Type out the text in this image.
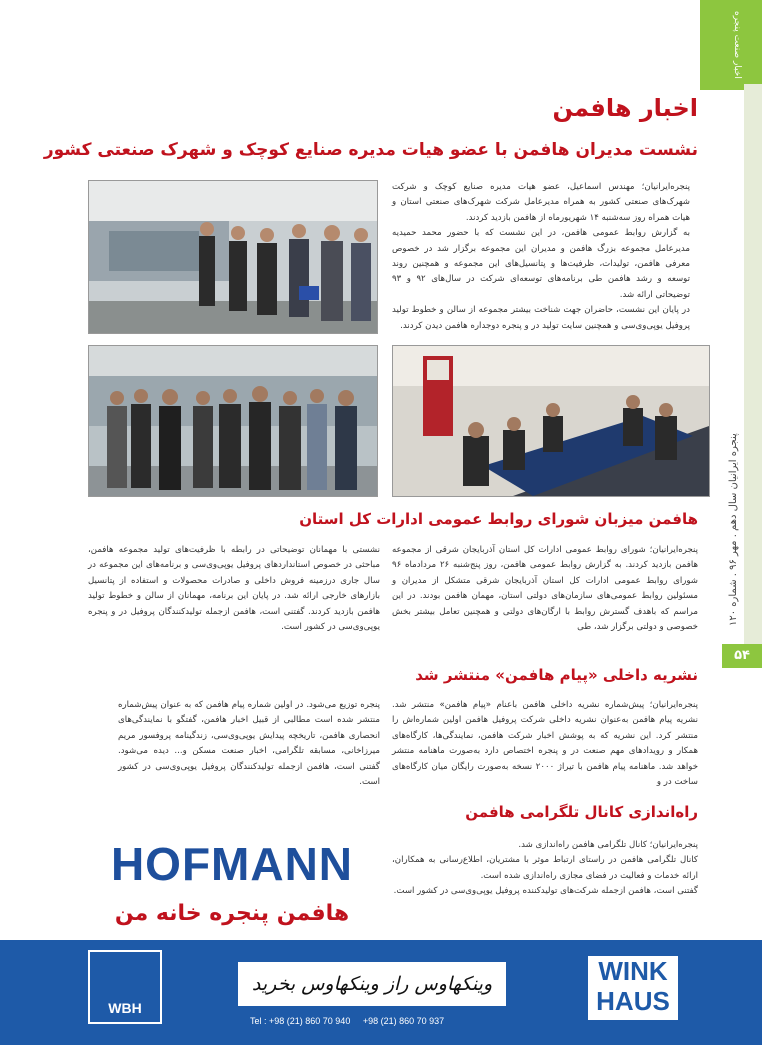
اخبار صنعت پنجره
پنجره ایرانیان سال دهم . مهر ۹۶ . شماره ۱۲۰
۵۴
اخبار هافمن
نشست مدیران هافمن با عضو هیات مدیره صنایع کوچک و شهرک صنعتی کشور
پنجره‌ایرانیان؛ مهندس اسماعیل، عضو هیات مدیره صنایع کوچک و شرکت شهرک‌های صنعتی کشور به همراه مدیرعامل شرکت شهرک‌های صنعتی استان و هیات همراه روز سه‌شنبه ۱۴ شهریورماه از هافمن بازدید کردند.
به گزارش روابط عمومی هافمن، در این نشست که با حضور محمد حمیدیه مدیرعامل مجموعه بزرگ هافمن و مدیران این مجموعه برگزار شد در خصوص معرفی هافمن، تولیدات، ظرفیت‌ها و پتانسیل‌های این مجموعه و همچنین روند توسعه و رشد هافمن طی برنامه‌های توسعه‌ای شرکت در سال‌های ۹۲ و ۹۳ توضیحاتی ارائه شد.
در پایان این نشست، حاضران جهت شناخت بیشتر مجموعه از سالن و خطوط تولید پروفیل یو‌پی‌وی‌سی و همچنین سایت تولید در و پنجره دوجداره هافمن دیدن کردند.
هافمن میزبان شورای روابط عمومی ادارات کل استان
پنجره‌ایرانیان؛ شورای روابط عمومی ادارات کل استان آذربایجان شرقی از مجموعه هافمن بازدید کردند. به گزارش روابط عمومی هافمن، روز پنج‌شنبه ۲۶ مردادماه ۹۶ شورای روابط عمومی ادارات کل استان آذربایجان شرقی متشکل از مدیران و مسئولین روابط عمومی‌های سازمان‌های دولتی استان، مهمان هافمن بودند. در این مراسم که باهدف گسترش روابط با ارگان‌های دولتی و همچنین تعامل بیشتر بخش خصوصی و دولتی برگزار شد، طی
نشستی با مهمانان توضیحاتی در رابطه با ظرفیت‌های تولید مجموعه هافمن، مباحثی در خصوص استانداردهای پروفیل یو‌پی‌وی‌سی و برنامه‌های این مجموعه در سال جاری درزمینه فروش داخلی و صادرات محصولات و استفاده از پتانسیل بازارهای خارجی ارائه شد. در پایان این برنامه، مهمانان از سالن و خطوط تولید هافمن بازدید کردند. گفتنی است، هافمن ازجمله تولیدکنندگان پروفیل در و پنجره یو‌پی‌وی‌سی در کشور است.
نشریه داخلی «پیام هافمن» منتشر شد
پنجره‌ایرانیان؛ پیش‌شماره نشریه داخلی هافمن باعنام «پیام هافمن» منتشر شد. نشریه پیام هافمن به‌عنوان نشریه داخلی شرکت پروفیل هافمن اولین شماره‌اش را منتشر کرد. این نشریه که به پوشش اخبار شرکت هافمن، نمایندگی‌ها، کارگاه‌های همکار و رویدادهای مهم صنعت در و پنجره اختصاص دارد به‌صورت ماهنامه منتشر خواهد شد. ماهنامه پیام هافمن با تیراژ ۲۰۰۰ نسخه به‌صورت رایگان میان کارگاه‌های ساخت در و
پنجره توزیع می‌شود. در اولین شماره پیام هافمن که به عنوان پیش‌شماره منتشر شده است مطالبی از قبیل اخبار هافمن، گفتگو با نمایندگی‌های انحصاری هافمن، تاریخچه پیدایش یو‌پی‌وی‌سی، زندگینامه پروفسور مریم میرزاخانی، مسابقه تلگرامی، اخبار صنعت مسکن و... دیده می‌شود. گفتنی است، هافمن ازجمله تولیدکنندگان پروفیل یو‌پی‌وی‌سی در کشور است.
راه‌اندازی کانال تلگرامی هافمن
پنجره‌ایرانیان؛ کانال تلگرامی هافمن راه‌اندازی شد.
کانال تلگرامی هافمن در راستای ارتباط موثر با مشتریان، اطلاع‌رسانی به همکاران، ارائه خدمات و فعالیت در فضای مجازی راه‌اندازی شده است.
گفتنی است، هافمن ازجمله شرکت‌های تولیدکننده پروفیل یو‌پی‌وی‌سی در کشور است.
HOFMANN
هافمن پنجره خانه من
WBH
وینکهاوس راز وینکهاوس بخرید
Tel : +98 (21) 860 70 940     +98 (21) 860 70 937
WINK
HAUS
